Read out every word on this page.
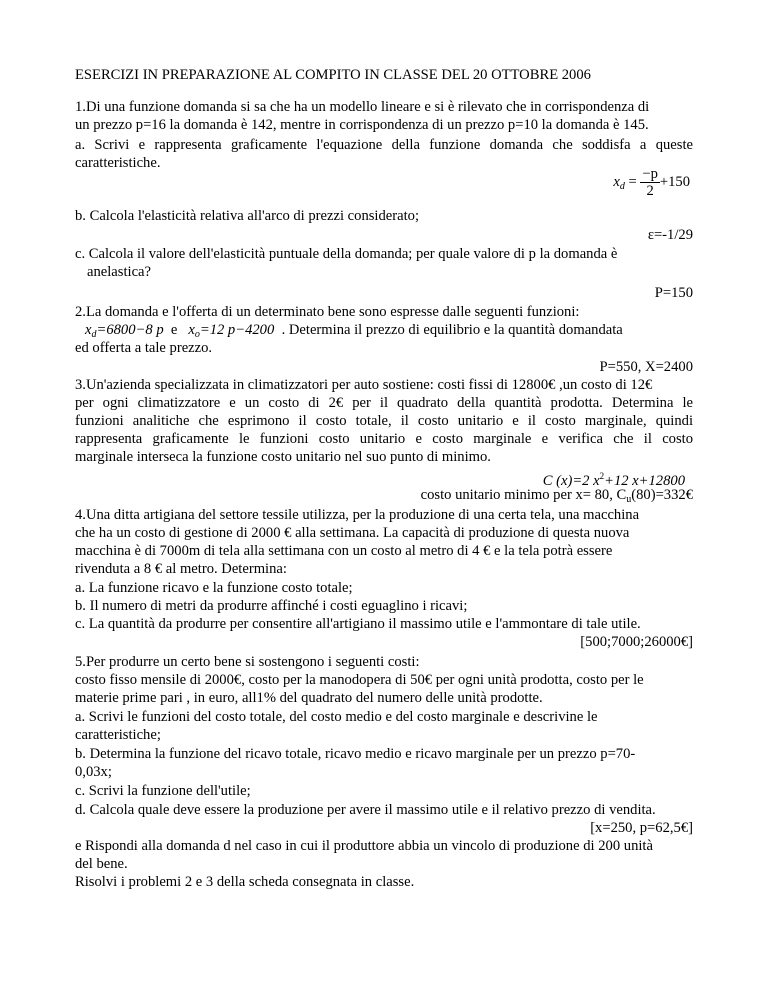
ESERCIZI IN PREPARAZIONE AL COMPITO IN CLASSE DEL 20 OTTOBRE 2006
1.Di una funzione domanda si sa che ha un modello lineare e si è rilevato che in corrispondenza di
un prezzo p=16 la domanda è 142, mentre in corrispondenza di un prezzo p=10 la domanda è 145.
a. Scrivi e rappresenta graficamente l'equazione della funzione domanda che soddisfa a queste
caratteristiche.
$x_d = \frac{-p}{2} +150$
b. Calcola l'elasticità relativa all'arco di prezzi considerato;
ε=-1/29
c. Calcola il valore dell'elasticità puntuale della domanda; per quale valore di p la domanda è
anelastica?
P=150
2.La domanda e l'offerta di un determinato bene sono espresse dalle seguenti funzioni:
$x_d=6800-8$ p e $x_o=12$ p−4200 . Determina il prezzo di equilibrio e la quantità domandata
ed offerta a tale prezzo.
P=550, X=2400
3.Un'azienda specializzata in climatizzatori per auto sostiene: costi fissi di 12800€ ,un costo di 12€
per ogni climatizzatore e un costo di 2€ per il quadrato della quantità prodotta. Determina le
funzioni analitiche che esprimono il costo totale, il costo unitario e il costo marginale, quindi
rappresenta graficamente le funzioni costo unitario e costo marginale e verifica che il costo
marginale interseca la funzione costo unitario nel suo punto di minimo.
C (x)=2 $x^2+12$ x+12800
costo unitario minimo per x= 80, $C_u(80)=332€$
4.Una ditta artigiana del settore tessile utilizza, per la produzione di una certa tela, una macchina
che ha un costo di gestione di 2000 € alla settimana. La capacità di produzione di questa nuova
macchina è di 7000m di tela alla settimana con un costo al metro di 4 € e la tela potrà essere
rivenduta a 8 € al metro. Determina:
a. La funzione ricavo e la funzione costo totale;
b. Il numero di metri da produrre affinché i costi eguaglino i ricavi;
c. La quantità da produrre per consentire all'artigiano il massimo utile e l'ammontare di tale utile.
[500;7000;26000€]
5.Per produrre un certo bene si sostengono i seguenti costi:
costo fisso mensile di 2000€, costo per la manodopera di 50€ per ogni unità prodotta, costo per le
materie prime pari , in euro, all1% del quadrato del numero delle unità prodotte.
a. Scrivi le funzioni del costo totale, del costo medio e del costo marginale e descrivine le
caratteristiche;
b. Determina la funzione del ricavo totale, ricavo medio e ricavo marginale per un prezzo p=70-
0,03x;
c. Scrivi la funzione dell'utile;
d. Calcola quale deve essere la produzione per avere il massimo utile e il relativo prezzo di vendita.
[x=250, p=62,5€]
e Rispondi alla domanda d nel caso in cui il produttore abbia un vincolo di produzione di 200 unità
del bene.
Risolvi i problemi 2 e 3 della scheda consegnata in classe.
